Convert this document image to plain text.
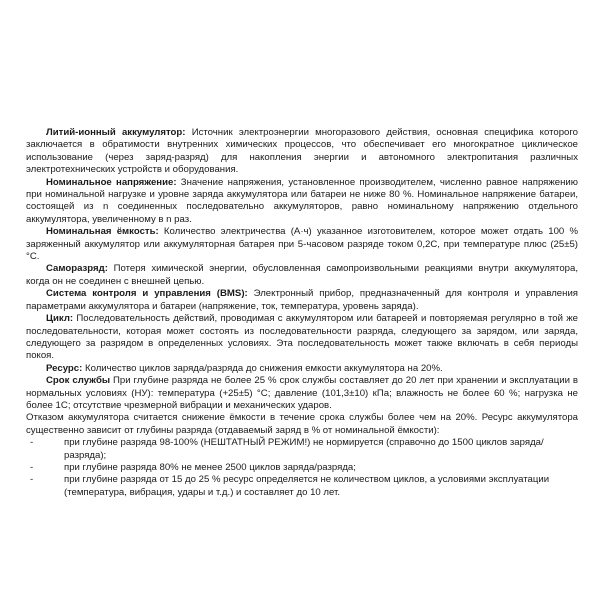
Литий-ионный аккумулятор: Источник электроэнергии многоразового действия, основная специфика которого заключается в обратимости внутренних химических процессов, что обеспечивает его многократное циклическое использование (через заряд-разряд) для накопления энергии и автономного электропитания различных электротехнических устройств и оборудования.

Номинальное напряжение: Значение напряжения, установленное производителем, численно равное напряжению при номинальной нагрузке и уровне заряда аккумулятора или батареи не ниже 80 %. Номинальное напряжение батареи, состоящей из n соединенных последовательно аккумуляторов, равно номинальному напряжению отдельного аккумулятора, увеличенному в n раз.

Номинальная ёмкость: Количество электричества (А·ч) указанное изготовителем, которое может отдать 100 % заряженный аккумулятор или аккумуляторная батарея при 5-часовом разряде током 0,2С, при температуре плюс (25±5) °С.

Саморазряд: Потеря химической энергии, обусловленная самопроизвольными реакциями внутри аккумулятора, когда он не соединен с внешней цепью.

Система контроля и управления (BMS): Электронный прибор, предназначенный для контроля и управления параметрами аккумулятора и батареи (напряжение, ток, температура, уровень заряда).

Цикл: Последовательность действий, проводимая с аккумулятором или батареей и повторяемая регулярно в той же последовательности, которая может состоять из последовательности разряда, следующего за зарядом, или заряда, следующего за разрядом в определенных условиях. Эта последовательность может также включать в себя периоды покоя.

Ресурс: Количество циклов заряда/разряда до снижения емкости аккумулятора на 20%.

Срок службы При глубине разряда не более 25 % срок службы составляет до 20 лет при хранении и эксплуатации в нормальных условиях (НУ): температура (+25±5) °С; давление (101,3±10) кПа; влажность не более 60 %; нагрузка не более 1С; отсутствие чрезмерной вибрации и механических ударов.

Отказом аккумулятора считается снижение ёмкости в течение срока службы более чем на 20%. Ресурс аккумулятора существенно зависит от глубины разряда (отдаваемый заряд в % от номинальной ёмкости):

- при глубине разряда 98-100% (НЕШТАТНЫЙ РЕЖИМ!) не нормируется (справочно до 1500 циклов заряда/разряда);
- при глубине разряда 80% не менее 2500 циклов заряда/разряда;
- при глубине разряда от 15 до 25 % ресурс определяется не количеством циклов, а условиями эксплуатации (температура, вибрация, удары и т.д.) и составляет до 10 лет.
